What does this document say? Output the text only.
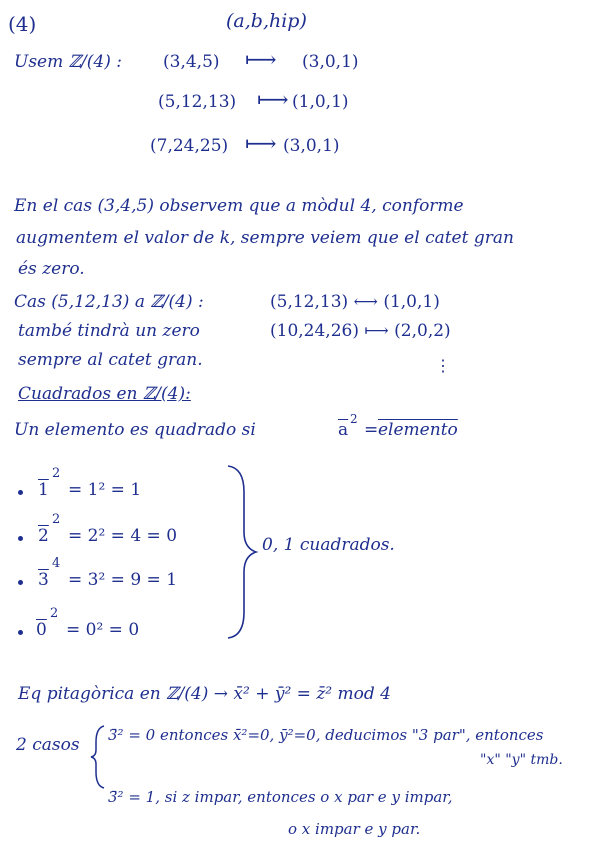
(4)	(a,b,hip)
Usem ℤ/(4) : (3,4,5) ⟼ (3,0,1)
(5,12,13) ⟼ (1,0,1)
(7,24,25) ⟼ (3,0,1)
En el cas (3,4,5) observem que a mòdul 4, conforme
augmentem el valor de k, sempre veiem que el catet gran
és zero.
Cas (5,12,13) a ℤ/(4) :	(5,12,13) ⟷ (1,0,1)
també tindrà un zero	(10,24,26) ⟼ (2,0,2)
sempre al catet gran.	⋮
Cuadrados en ℤ/(4):
Un elemento es quadrado si	$\overline{a}$
2
= elemento
1
2
= 1² = 1
2
2
= 2² = 4 = 0
3
4
= 3² = 9 = 1
0
2
= 0² = 0
0, 1 cuadrados.
Eq pitagòrica en ℤ/(4) → x̄² + ȳ² = z̄² mod 4
2 casos 3̄² = 0 entonces x̄²=0, ȳ²=0, deducimos "3 par", entonces
"x" "y" tmb.
3̄² = 1, si z impar, entonces o x par e y impar,
o x impar e y par.
